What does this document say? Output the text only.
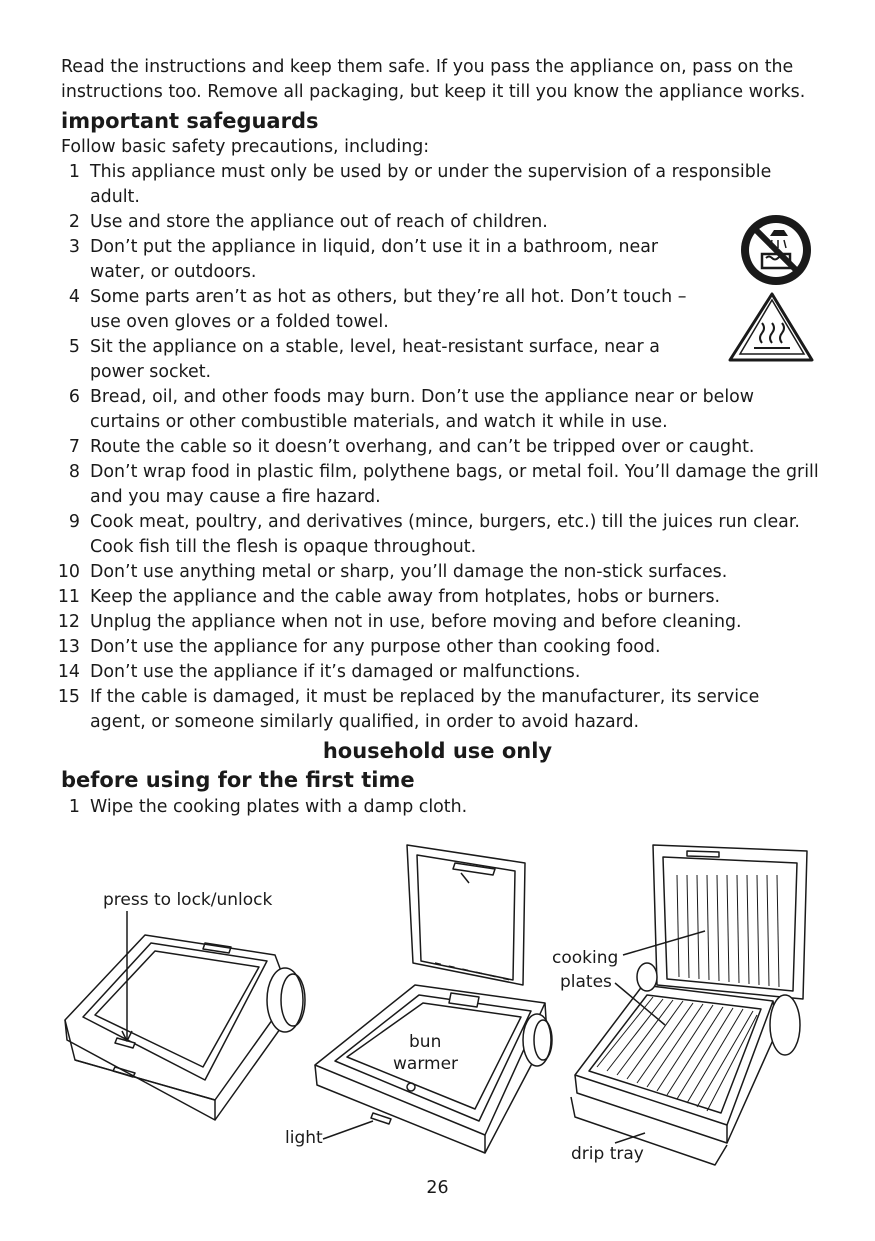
Read the instructions and keep them safe. If you pass the appliance on, pass on the instructions too. Remove all packaging, but keep it till you know the appliance works.
important safeguards
Follow basic safety precautions, including:
1 This appliance must only be used by or under the supervision of a responsible adult.
2 Use and store the appliance out of reach of children.
3 Don’t put the appliance in liquid, don’t use it in a bathroom, near water, or outdoors.
4 Some parts aren’t as hot as others, but they’re all hot. Don’t touch – use oven gloves or a folded towel.
5 Sit the appliance on a stable, level, heat-resistant surface, near a power socket.
6 Bread, oil, and other foods may burn. Don’t use the appliance near or below curtains or other combustible materials, and watch it while in use.
7 Route the cable so it doesn’t overhang, and can’t be tripped over or caught.
8 Don’t wrap food in plastic film, polythene bags, or metal foil. You’ll damage the grill and you may cause a fire hazard.
9 Cook meat, poultry, and derivatives (mince, burgers, etc.) till the juices run clear. Cook fish till the flesh is opaque throughout.
10 Don’t use anything metal or sharp, you’ll damage the non-stick surfaces.
11 Keep the appliance and the cable away from hotplates, hobs or burners.
12 Unplug the appliance when not in use, before moving and before cleaning.
13 Don’t use the appliance for any purpose other than cooking food.
14 Don’t use the appliance if it’s damaged or malfunctions.
15 If the cable is damaged, it must be replaced by the manufacturer, its service agent, or someone similarly qualified, in order to avoid hazard.
household use only
before using for the first time
1 Wipe the cooking plates with a damp cloth.
press to lock/unlock
bun
warmer
cooking
plates
light
drip tray
26
